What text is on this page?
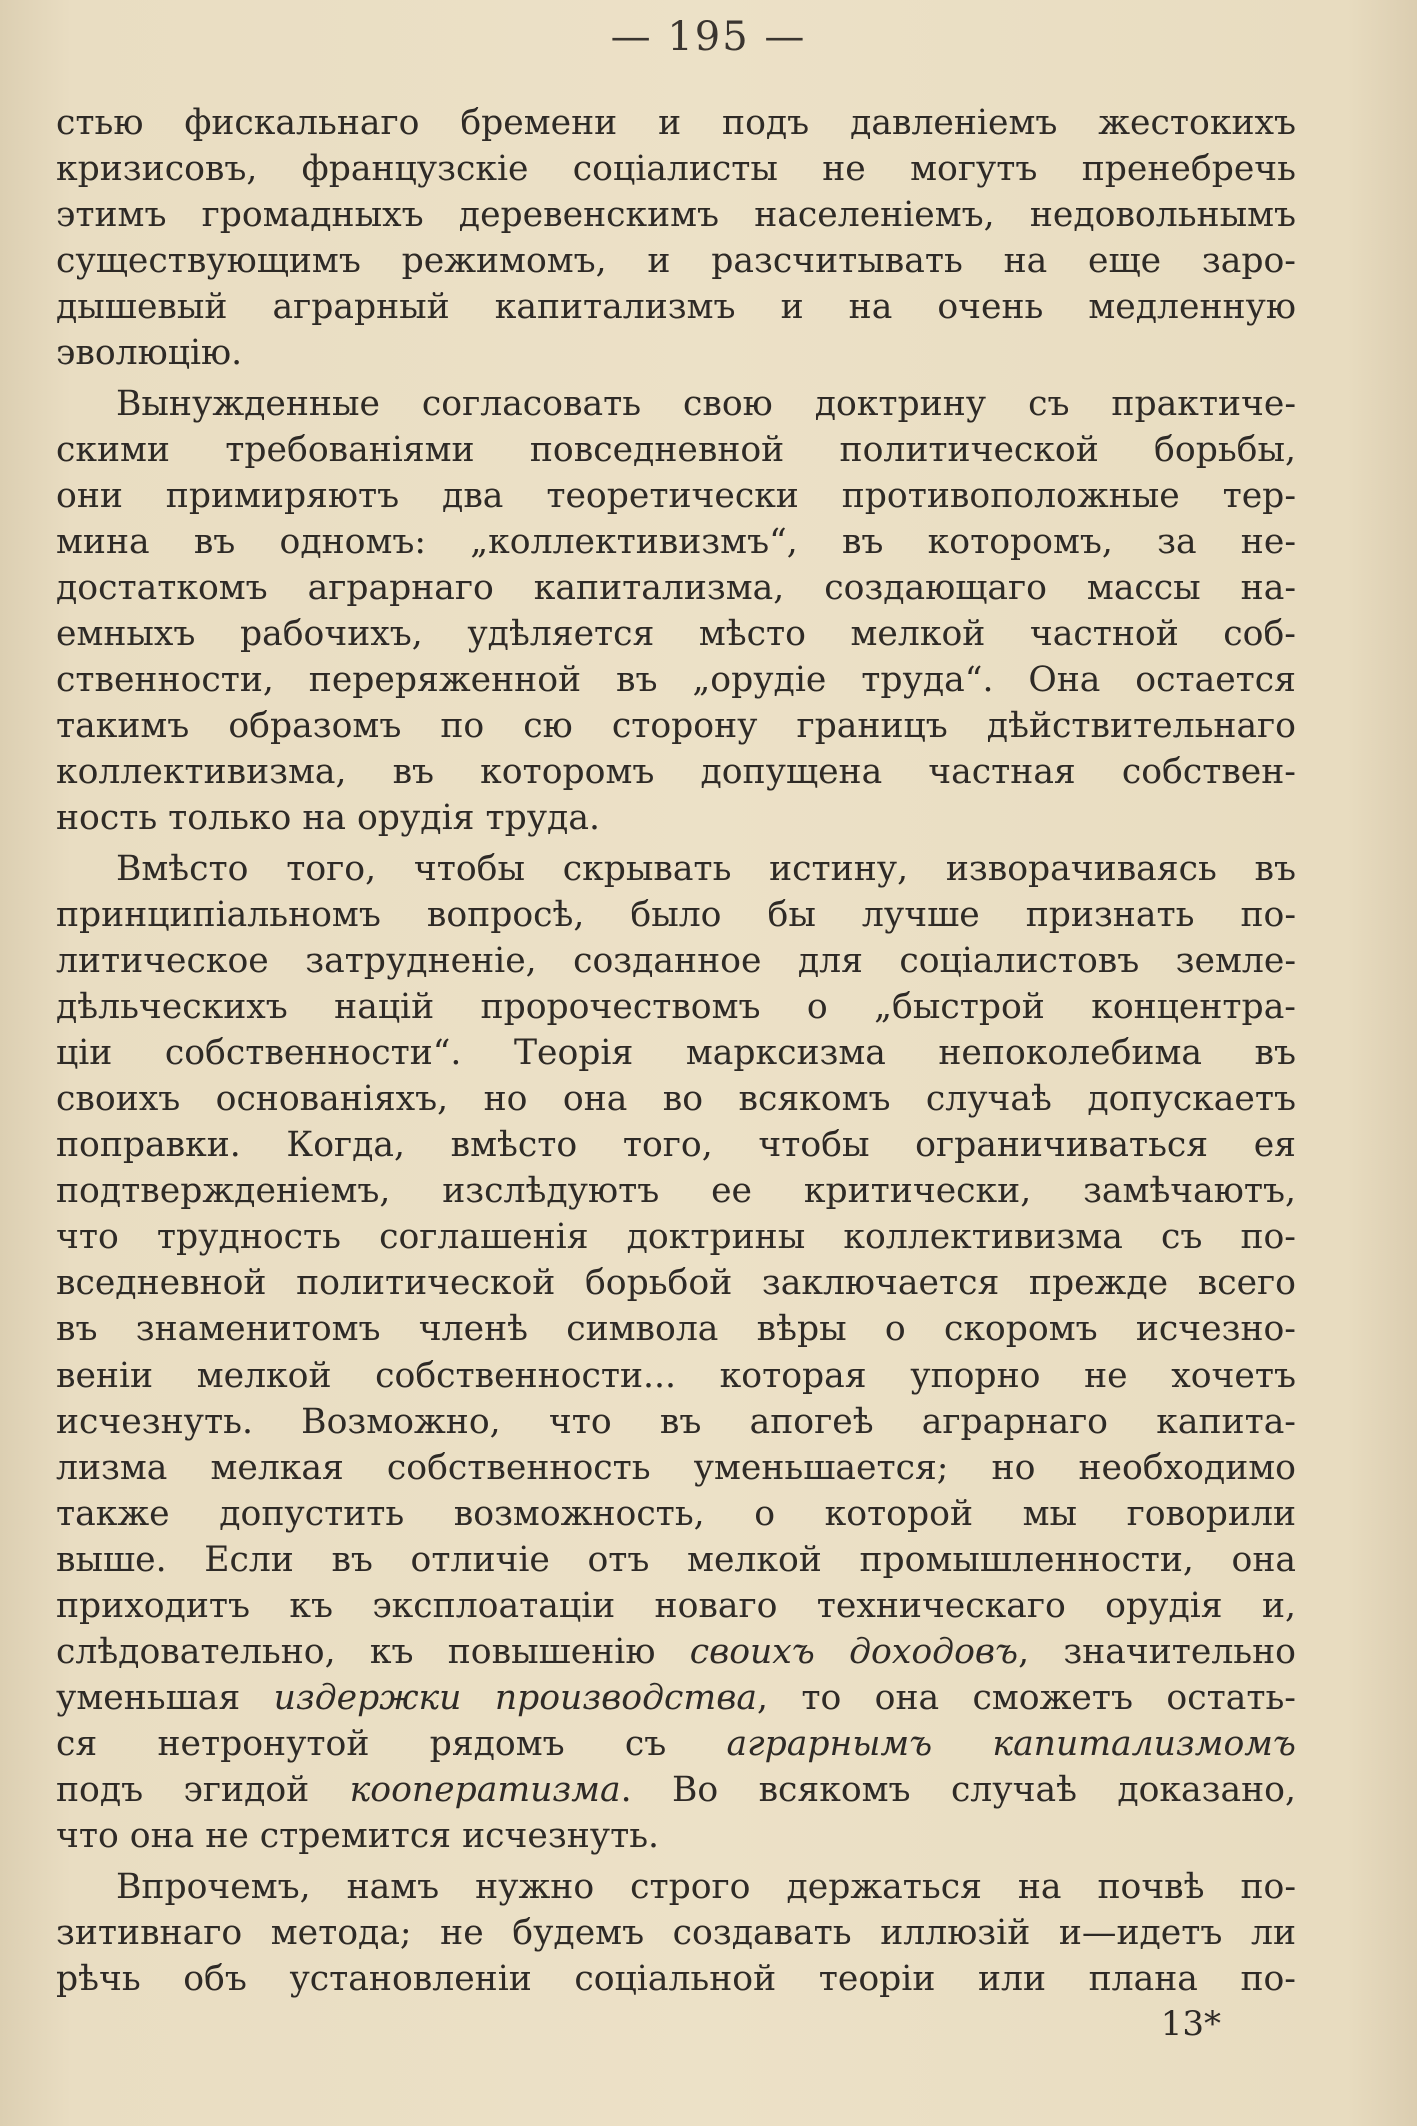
— 195 —
стью фискальнаго бремени и подъ давленіемъ жестокихъ
кризисовъ, французскіе соціалисты не могутъ пренебречь
этимъ громадныхъ деревенскимъ населеніемъ, недовольнымъ
существующимъ режимомъ, и разсчитывать на еще заро-
дышевый аграрный капитализмъ и на очень медленную
эволюцію.
Вынужденные согласовать свою доктрину съ практиче-
скими требованіями повседневной политической борьбы,
они примиряютъ два теоретически противоположные тер-
мина въ одномъ: „коллективизмъ“, въ которомъ, за не-
достаткомъ аграрнаго капитализма, создающаго массы на-
емныхъ рабочихъ, удѣляется мѣсто мелкой частной соб-
ственности, переряженной въ „орудіе труда“. Она остается
такимъ образомъ по сю сторону границъ дѣйствительнаго
коллективизма, въ которомъ допущена частная собствен-
ность только на орудія труда.
Вмѣсто того, чтобы скрывать истину, изворачиваясь въ
принципіальномъ вопросѣ, было бы лучше признать по-
литическое затрудненіе, созданное для соціалистовъ земле-
дѣльческихъ націй пророчествомъ о „быстрой концентра-
ціи собственности“. Теорія марксизма непоколебима въ
своихъ основаніяхъ, но она во всякомъ случаѣ допускаетъ
поправки. Когда, вмѣсто того, чтобы ограничиваться ея
подтвержденіемъ, изслѣдуютъ ее критически, замѣчаютъ,
что трудность соглашенія доктрины коллективизма съ по-
вседневной политической борьбой заключается прежде всего
въ знаменитомъ членѣ символа вѣры о скоромъ исчезно-
веніи мелкой собственности... которая упорно не хочетъ
исчезнуть. Возможно, что въ апогеѣ аграрнаго капита-
лизма мелкая собственность уменьшается; но необходимо
также допустить возможность, о которой мы говорили
выше. Если въ отличіе отъ мелкой промышленности, она
приходитъ къ эксплоатаціи новаго техническаго орудія и,
слѣдовательно, къ повышенію своихъ доходовъ, значительно
уменьшая издержки производства, то она сможетъ остать-
ся нетронутой рядомъ съ аграрнымъ капитализмомъ
подъ эгидой кооператизма. Во всякомъ случаѣ доказано,
что она не стремится исчезнуть.
Впрочемъ, намъ нужно строго держаться на почвѣ по-
зитивнаго метода; не будемъ создавать иллюзій и—идетъ ли
рѣчь объ установленіи соціальной теоріи или плана по-
13*
